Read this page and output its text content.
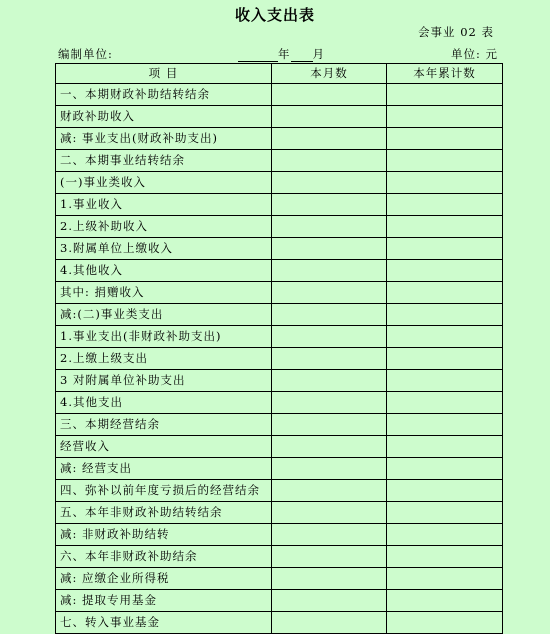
收入支出表
会事业 02 表
编制单位:	年 月	单位: 元
项 目	本月数	本年累计数
一、本期财政补助结转结余		
财政补助收入		
减: 事业支出(财政补助支出)		
二、本期事业结转结余		
(一)事业类收入		
1.事业收入		
2.上级补助收入		
3.附属单位上缴收入		
4.其他收入		
其中: 捐赠收入		
减:(二)事业类支出		
1.事业支出(非财政补助支出)		
2.上缴上级支出		
3 对附属单位补助支出		
4.其他支出		
三、本期经营结余		
经营收入		
减: 经营支出		
四、弥补以前年度亏损后的经营结余		
五、本年非财政补助结转结余		
减: 非财政补助结转		
六、本年非财政补助结余		
减: 应缴企业所得税		
减: 提取专用基金		
七、转入事业基金		
